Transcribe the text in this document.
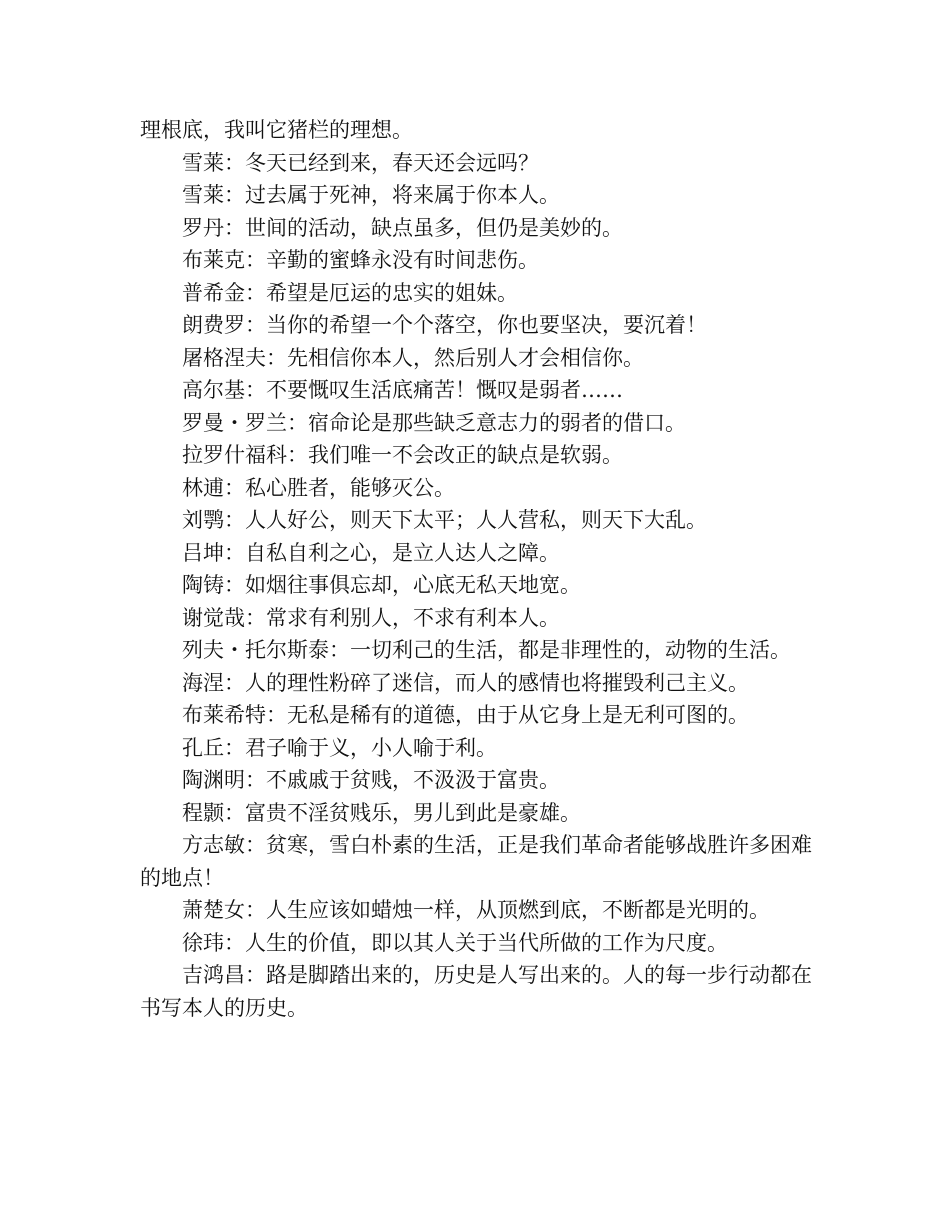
理根底，我叫它猪栏的理想。

雪莱：冬天已经到来，春天还会远吗？

雪莱：过去属于死神，将来属于你本人。

罗丹：世间的活动，缺点虽多，但仍是美妙的。

布莱克：辛勤的蜜蜂永没有时间悲伤。

普希金：希望是厄运的忠实的姐妹。

朗费罗：当你的希望一个个落空，你也要坚决，要沉着！

屠格涅夫：先相信你本人，然后别人才会相信你。

高尔基：不要慨叹生活底痛苦！慨叹是弱者……

罗曼・罗兰：宿命论是那些缺乏意志力的弱者的借口。

拉罗什福科：我们唯一不会改正的缺点是软弱。

林逋：私心胜者，能够灭公。

刘鹗：人人好公，则天下太平；人人营私，则天下大乱。

吕坤：自私自利之心，是立人达人之障。

陶铸：如烟往事俱忘却，心底无私天地宽。

谢觉哉：常求有利别人，不求有利本人。

列夫・托尔斯泰：一切利己的生活，都是非理性的，动物的生活。

海涅：人的理性粉碎了迷信，而人的感情也将摧毁利己主义。

布莱希特：无私是稀有的道德，由于从它身上是无利可图的。

孔丘：君子喻于义，小人喻于利。

陶渊明：不戚戚于贫贱，不汲汲于富贵。

程颢：富贵不淫贫贱乐，男儿到此是豪雄。

方志敏：贫寒，雪白朴素的生活，正是我们革命者能够战胜许多困难的地点！

萧楚女：人生应该如蜡烛一样，从顶燃到底，不断都是光明的。

徐玮：人生的价值，即以其人关于当代所做的工作为尺度。

吉鸿昌：路是脚踏出来的，历史是人写出来的。人的每一步行动都在书写本人的历史。
